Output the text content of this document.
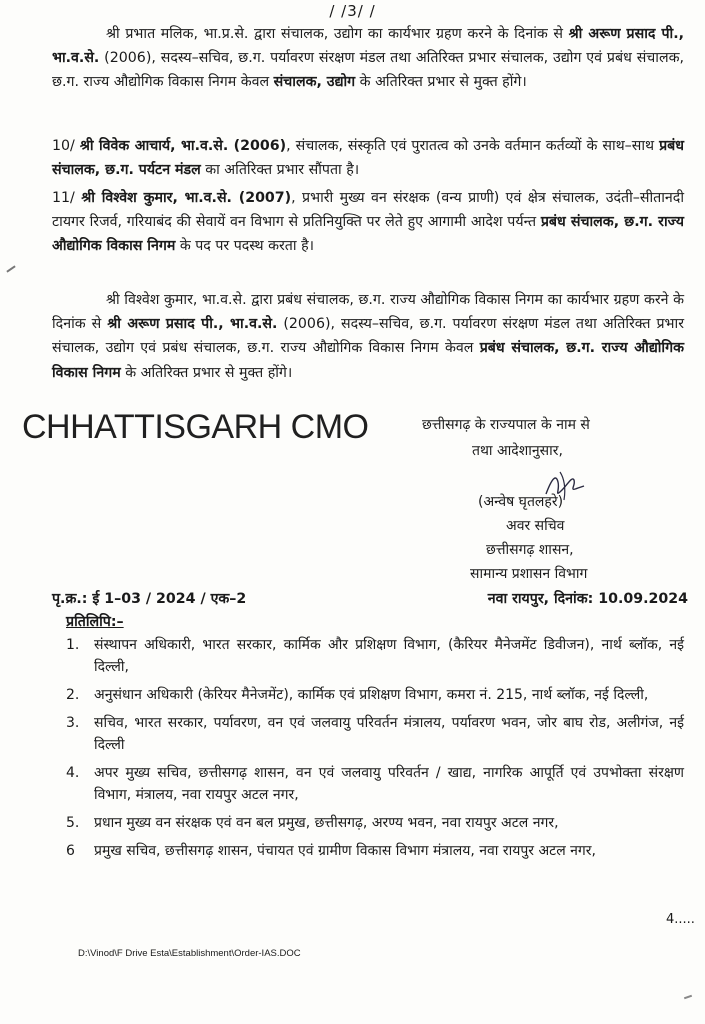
/ /3/ /
श्री प्रभात मलिक, भा.प्र.से. द्वारा संचालक, उद्योग का कार्यभार ग्रहण करने के दिनांक से श्री अरूण प्रसाद पी., भा.व.से. (2006), सदस्य–सचिव, छ.ग. पर्यावरण संरक्षण मंडल तथा अतिरिक्त प्रभार संचालक, उद्योग एवं प्रबंध संचालक, छ.ग. राज्य औद्योगिक विकास निगम केवल संचालक, उद्योग के अतिरिक्त प्रभार से मुक्त होंगे।
10/ श्री विवेक आचार्य, भा.व.से. (2006), संचालक, संस्कृति एवं पुरातत्व को उनके वर्तमान कर्तव्यों के साथ–साथ प्रबंध संचालक, छ.ग. पर्यटन मंडल का अतिरिक्त प्रभार सौंपता है।
11/ श्री विश्वेश कुमार, भा.व.से. (2007), प्रभारी मुख्य वन संरक्षक (वन्य प्राणी) एवं क्षेत्र संचालक, उदंती–सीतानदी टायगर रिजर्व, गरियाबंद की सेवायें वन विभाग से प्रतिनियुक्ति पर लेते हुए आगामी आदेश पर्यन्त प्रबंध संचालक, छ.ग. राज्य औद्योगिक विकास निगम के पद पर पदस्थ करता है।
श्री विश्वेश कुमार, भा.व.से. द्वारा प्रबंध संचालक, छ.ग. राज्य औद्योगिक विकास निगम का कार्यभार ग्रहण करने के दिनांक से श्री अरूण प्रसाद पी., भा.व.से. (2006), सदस्य–सचिव, छ.ग. पर्यावरण संरक्षण मंडल तथा अतिरिक्त प्रभार संचालक, उद्योग एवं प्रबंध संचालक, छ.ग. राज्य औद्योगिक विकास निगम केवल प्रबंध संचालक, छ.ग. राज्य औद्योगिक विकास निगम के अतिरिक्त प्रभार से मुक्त होंगे।
CHHATTISGARH CMO	छत्तीसगढ़ के राज्यपाल के नाम से
तथा आदेशानुसार,
(अन्वेष घृतलहरे)
अवर सचिव
छत्तीसगढ़ शासन,
सामान्य प्रशासन विभाग
पृ.क्र.: ई 1–03 / 2024 / एक–2	नवा रायपुर, दिनांक: 10.09.2024
प्रतिलिपि:–
1. संस्थापन अधिकारी, भारत सरकार, कार्मिक और प्रशिक्षण विभाग, (कैरियर मैनेजमेंट डिवीजन), नार्थ ब्लॉक, नई दिल्ली,
2. अनुसंधान अधिकारी (केरियर मैनेजमेंट), कार्मिक एवं प्रशिक्षण विभाग, कमरा नं. 215, नार्थ ब्लॉक, नई दिल्ली,
3. सचिव, भारत सरकार, पर्यावरण, वन एवं जलवायु परिवर्तन मंत्रालय, पर्यावरण भवन, जोर बाघ रोड, अलीगंज, नई दिल्ली
4. अपर मुख्य सचिव, छत्तीसगढ़ शासन, वन एवं जलवायु परिवर्तन / खाद्य, नागरिक आपूर्ति एवं उपभोक्ता संरक्षण विभाग, मंत्रालय, नवा रायपुर अटल नगर,
5. प्रधान मुख्य वन संरक्षक एवं वन बल प्रमुख, छत्तीसगढ़, अरण्य भवन, नवा रायपुर अटल नगर,
6 प्रमुख सचिव, छत्तीसगढ़ शासन, पंचायत एवं ग्रामीण विकास विभाग मंत्रालय, नवा रायपुर अटल नगर,
4.....
D:\Vinod\F Drive Esta\Establishment\Order-IAS.DOC
